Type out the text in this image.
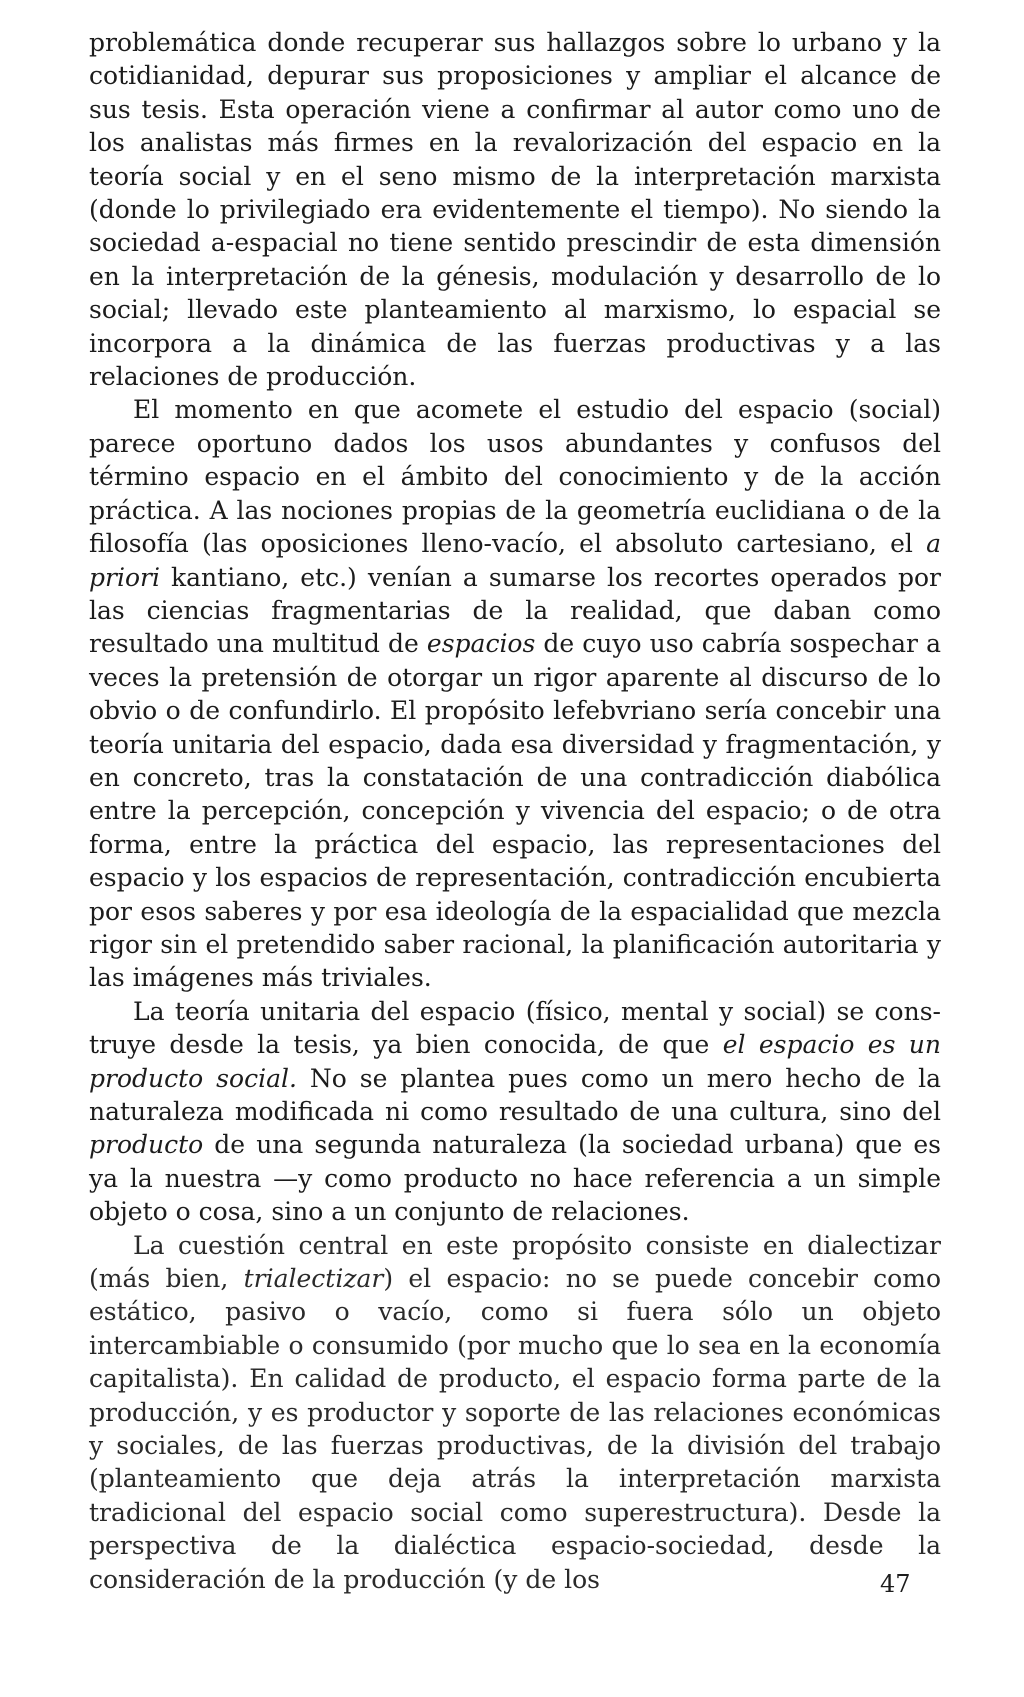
problemática donde recuperar sus hallazgos sobre lo urbano y la cotidianidad, depurar sus proposiciones y ampliar el alcance de sus tesis. Esta operación viene a confirmar al autor como uno de los analistas más firmes en la revalorización del espacio en la teoría social y en el seno mismo de la interpretación marxista (donde lo privilegiado era evidentemente el tiempo). No siendo la sociedad a-espacial no tiene sentido prescindir de esta dimensión en la interpretación de la génesis, modulación y desarrollo de lo social; llevado este planteamiento al marxismo, lo espacial se incorpora a la dinámica de las fuerzas productivas y a las relaciones de producción.

El momento en que acomete el estudio del espacio (social) parece oportuno dados los usos abundantes y confusos del término espacio en el ámbito del conocimiento y de la acción práctica. A las nociones propias de la geometría euclidiana o de la filosofía (las oposiciones lleno-vacío, el absoluto cartesiano, el a priori kantiano, etc.) venían a sumarse los recortes operados por las ciencias fragmentarias de la realidad, que daban como resultado una multitud de espacios de cuyo uso cabría sospechar a veces la pretensión de otorgar un rigor aparente al discurso de lo obvio o de confundirlo. El propósito lefebvriano sería concebir una teoría unitaria del espacio, dada esa diversidad y fragmentación, y en concreto, tras la constatación de una contradicción diabólica entre la percepción, concepción y vivencia del espacio; o de otra forma, entre la práctica del espacio, las representaciones del espacio y los espacios de representación, contradicción encubierta por esos saberes y por esa ideología de la espacialidad que mezcla rigor sin el pretendido saber racional, la planificación autoritaria y las imágenes más triviales.

La teoría unitaria del espacio (físico, mental y social) se construye desde la tesis, ya bien conocida, de que el espacio es un producto social. No se plantea pues como un mero hecho de la naturaleza modificada ni como resultado de una cultura, sino del producto de una segunda naturaleza (la sociedad urbana) que es ya la nuestra —y como producto no hace referencia a un simple objeto o cosa, sino a un conjunto de relaciones.

La cuestión central en este propósito consiste en dialectizar (más bien, trialectizar) el espacio: no se puede concebir como estático, pasivo o vacío, como si fuera sólo un objeto intercambiable o consumido (por mucho que lo sea en la economía capitalista). En calidad de producto, el espacio forma parte de la producción, y es productor y soporte de las relaciones económicas y sociales, de las fuerzas productivas, de la división del trabajo (planteamiento que deja atrás la interpretación marxista tradicional del espacio social como superestructura). Desde la perspectiva de la dialéctica espacio-sociedad, desde la consideración de la producción (y de los	47
